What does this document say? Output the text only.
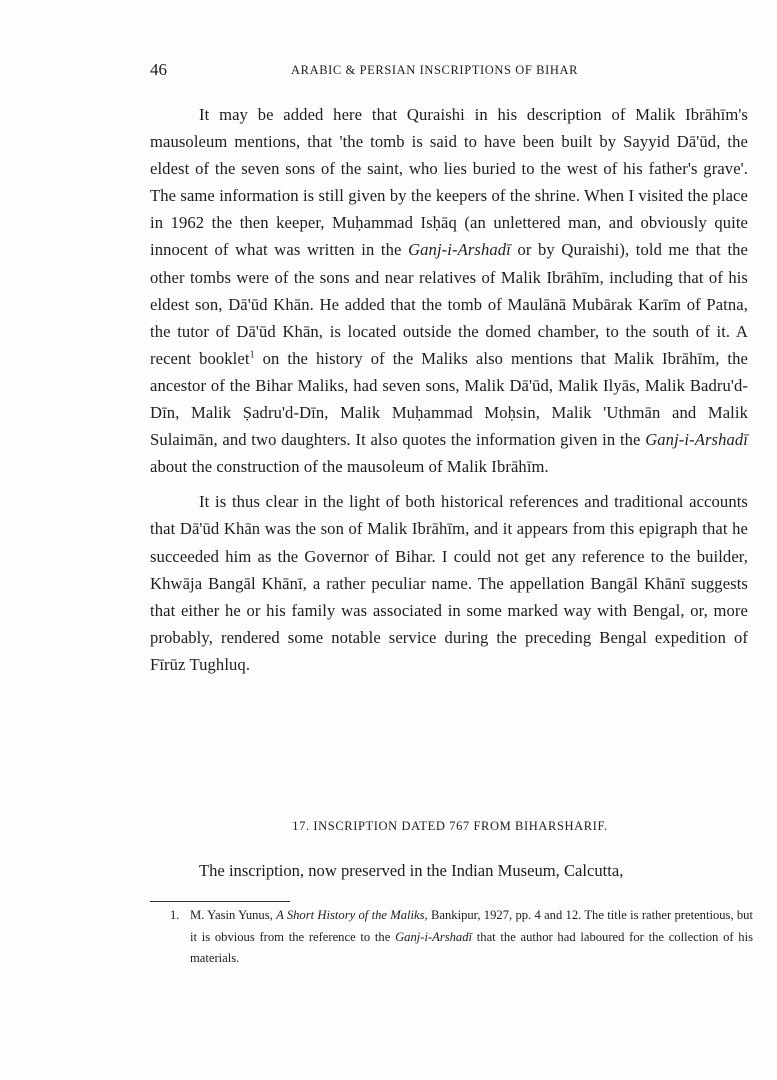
46	ARABIC & PERSIAN INSCRIPTIONS OF BIHAR

It may be added here that Quraishi in his description of Malik Ibrāhīm's mausoleum mentions, that 'the tomb is said to have been built by Sayyid Dā'ūd, the eldest of the seven sons of the saint, who lies buried to the west of his father's grave'. The same information is still given by the keepers of the shrine. When I visited the place in 1962 the then keeper, Muḥammad Isḥāq (an unlettered man, and obviously quite innocent of what was written in the Ganj-i-Arshadī or by Quraishi), told me that the other tombs were of the sons and near relatives of Malik Ibrāhīm, including that of his eldest son, Dā'ūd Khān. He added that the tomb of Maulānā Mubārak Karīm of Patna, the tutor of Dā'ūd Khān, is located outside the domed chamber, to the south of it. A recent booklet$^1$ on the history of the Maliks also mentions that Malik Ibrāhīm, the ancestor of the Bihar Maliks, had seven sons, Malik Dā'ūd, Malik Ilyās, Malik Badru'd-Dīn, Malik Ṣadru'd-Dīn, Malik Muḥammad Moḥsin, Malik 'Uthmān and Malik Sulaimān, and two daughters. It also quotes the information given in the Ganj-i-Arshadī about the construction of the mausoleum of Malik Ibrāhīm.

It is thus clear in the light of both historical references and traditional accounts that Dā'ūd Khān was the son of Malik Ibrāhīm, and it appears from this epigraph that he succeeded him as the Governor of Bihar. I could not get any reference to the builder, Khwāja Bangāl Khānī, a rather peculiar name. The appellation Bangāl Khānī suggests that either he or his family was associated in some marked way with Bengal, or, more probably, rendered some notable service during the preceding Bengal expedition of Fīrūz Tughluq.

17. INSCRIPTION DATED 767 FROM BIHARSHARIF.
The inscription, now preserved in the Indian Museum, Calcutta,
1. M. Yasin Yunus, A Short History of the Maliks, Bankipur, 1927, pp. 4 and 12. The title is rather pretentious, but it is obvious from the reference to the Ganj-i-Arshadī that the author had laboured for the collection of his materials.
